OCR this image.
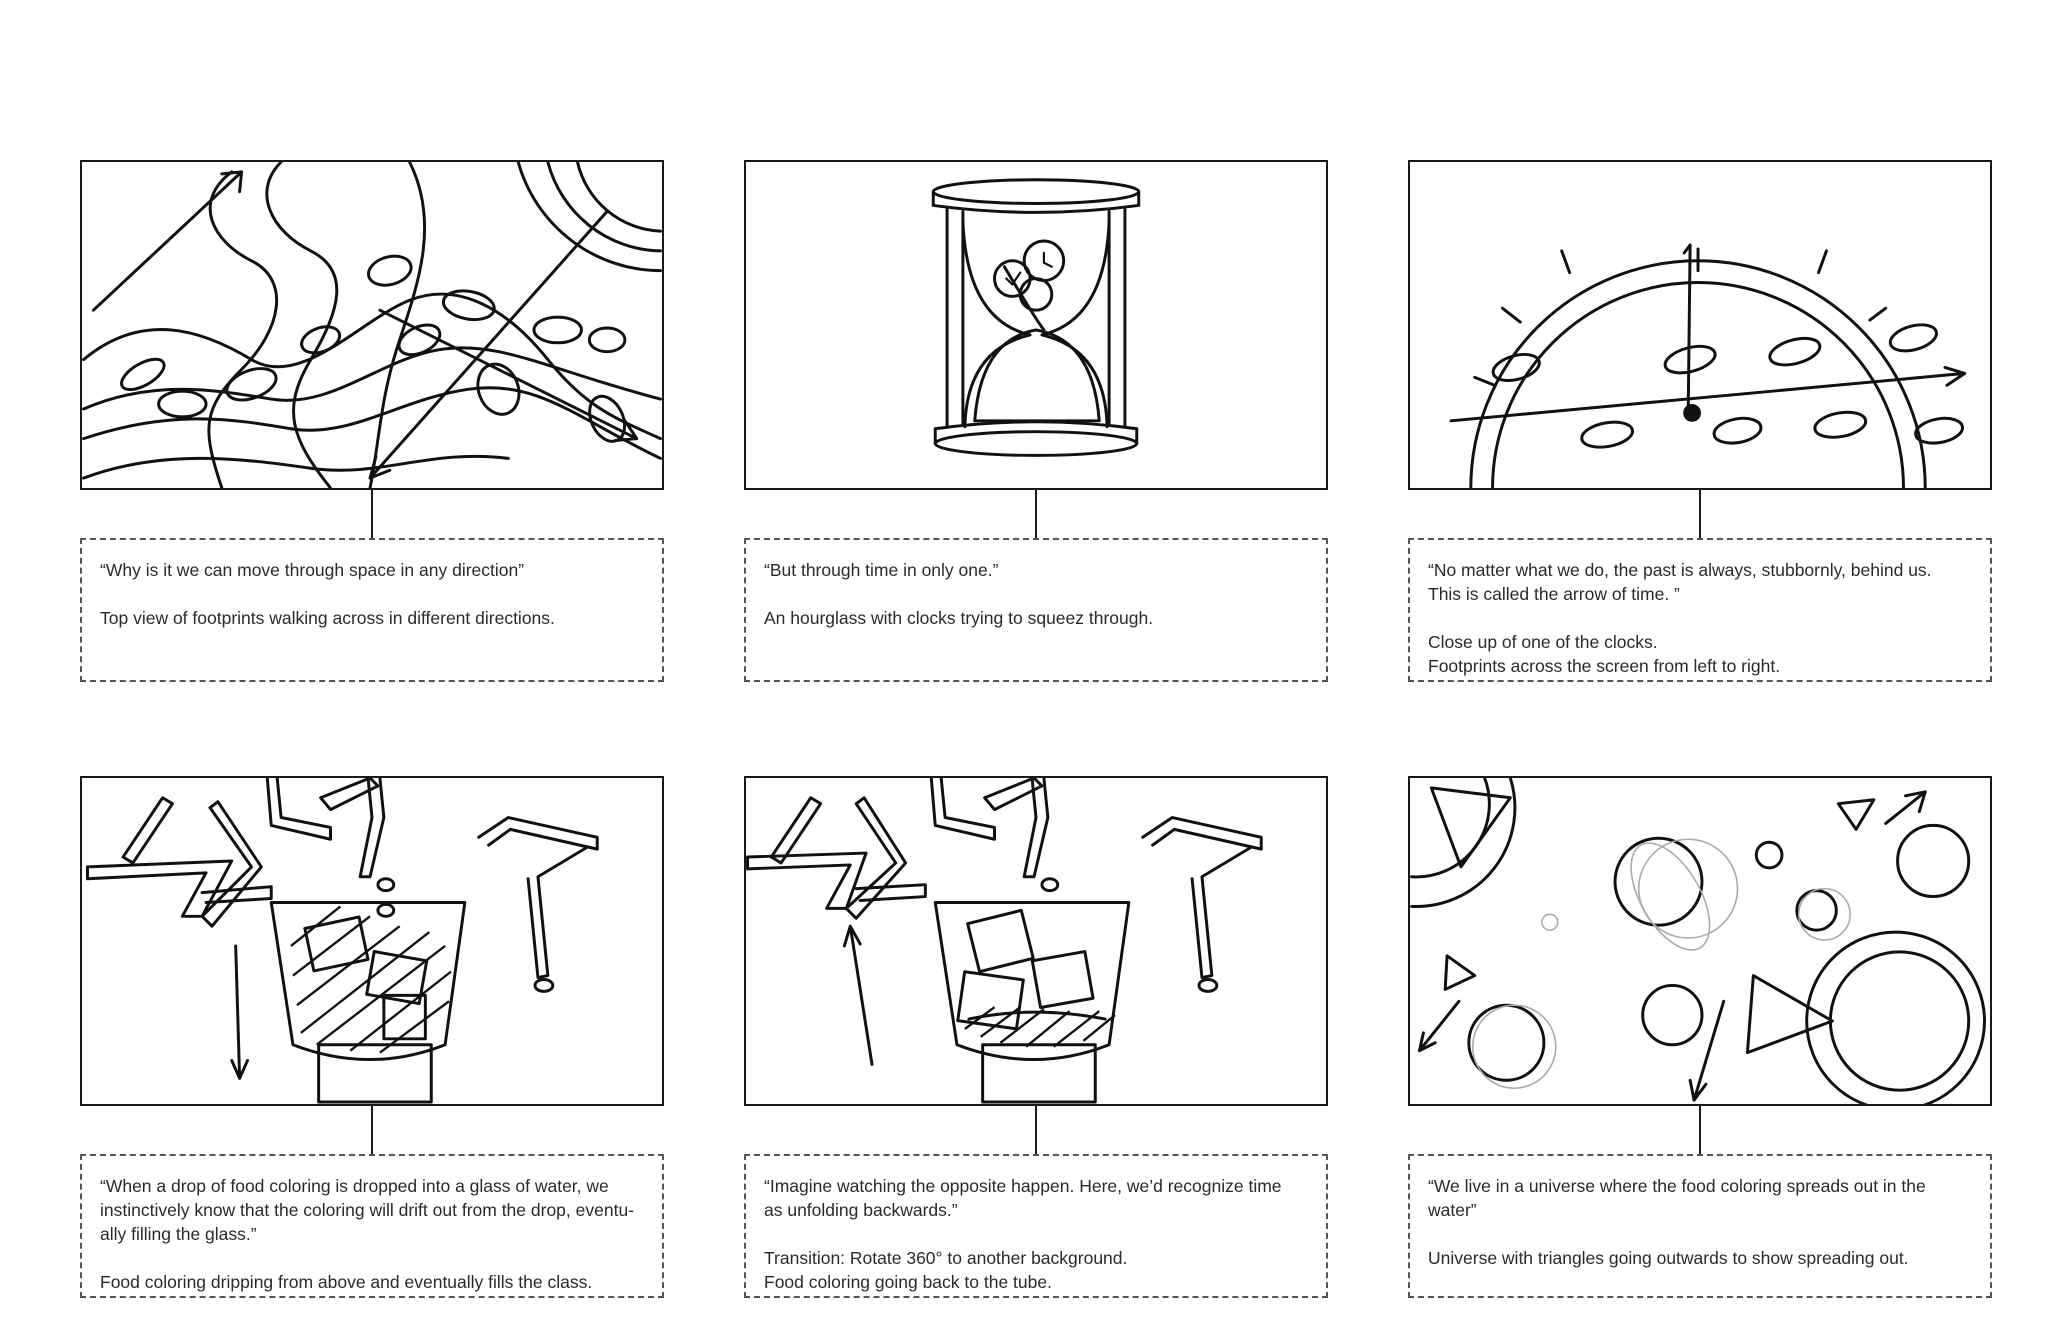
“Why is it we can move through space in any direction”

Top view of footprints walking across in different directions.

“But through time in only one.”

An hourglass with clocks trying to squeez through.

“No matter what we do, the past is always, stubbornly, behind us.
This is called the arrow of time. ”

Close up of one of the clocks.
Footprints across the screen from left to right.

“When a drop of food coloring is dropped into a glass of water, we
instinctively know that the coloring will drift out from the drop, eventu-
ally filling the glass.”

Food coloring dripping from above and eventually fills the class.

“Imagine watching the opposite happen. Here, we’d recognize time
as unfolding backwards.”

Transition: Rotate 360° to another background.
Food coloring going back to the tube.

“We live in a universe where the food coloring spreads out in the
water”

Universe with triangles going outwards to show spreading out.
